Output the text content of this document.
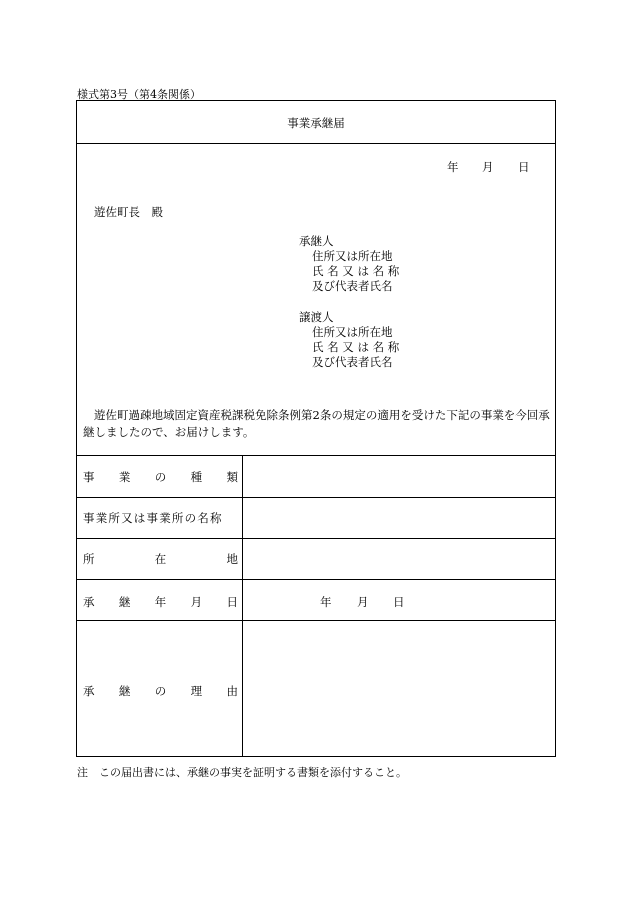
様式第3号（第4条関係）
事業承継届
年 月 日
遊佐町長　殿
承継人
住所又は所在地
氏 名 又 は 名 称
及び代表者氏名
譲渡人
住所又は所在地
氏 名 又 は 名 称
及び代表者氏名
遊佐町過疎地域固定資産税課税免除条例第2条の規定の適用を受けた下記の事業を今回承継しましたので、お届けします。
事 業 の 種 類
事業所又は事業所の名称
所	在	地
承 継 年 月 日	年 月 日
承 継 の 理 由
注　この届出書には、承継の事実を証明する書類を添付すること。
